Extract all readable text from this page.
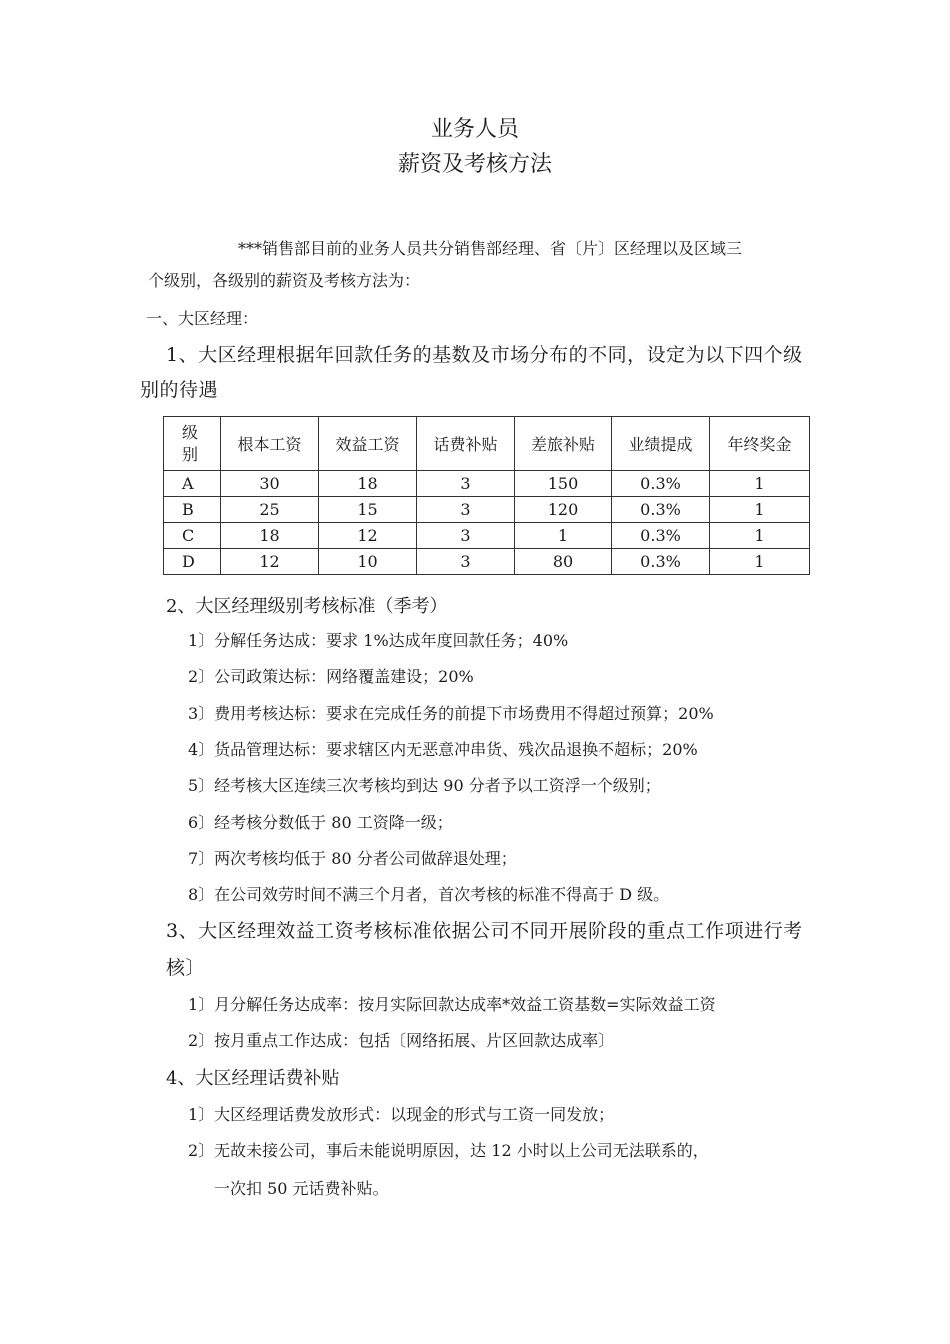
业务人员
薪资及考核方法
***销售部目前的业务人员共分销售部经理、省〔片〕区经理以及区域三
个级别，各级别的薪资及考核方法为：
一、大区经理：
1、大区经理根据年回款任务的基数及市场分布的不同，设定为以下四个级
别的待遇
级
别	根本工资	效益工资	话费补贴	差旅补贴	业绩提成	年终奖金
A	30	18	3	150	0.3%	1
B	25	15	3	120	0.3%	1
C	18	12	3	1	0.3%	1
D	12	10	3	80	0.3%	1
2、大区经理级别考核标准（季考）
1〕分解任务达成：要求 1%达成年度回款任务；40%
2〕公司政策达标：网络覆盖建设；20%
3〕费用考核达标：要求在完成任务的前提下市场费用不得超过预算；20%
4〕货品管理达标：要求辖区内无恶意冲串货、残次品退换不超标；20%
5〕经考核大区连续三次考核均到达 90 分者予以工资浮一个级别；
6〕经考核分数低于 80 工资降一级；
7〕两次考核均低于 80 分者公司做辞退处理；
8〕在公司效劳时间不满三个月者，首次考核的标准不得高于 D 级。
3、大区经理效益工资考核标准依据公司不同开展阶段的重点工作项进行考
核〕
1〕月分解任务达成率：按月实际回款达成率*效益工资基数=实际效益工资
2〕按月重点工作达成：包括〔网络拓展、片区回款达成率〕
4、大区经理话费补贴
1〕大区经理话费发放形式：以现金的形式与工资一同发放；
2〕无故未接公司，事后未能说明原因，达 12 小时以上公司无法联系的，
一次扣 50 元话费补贴。
